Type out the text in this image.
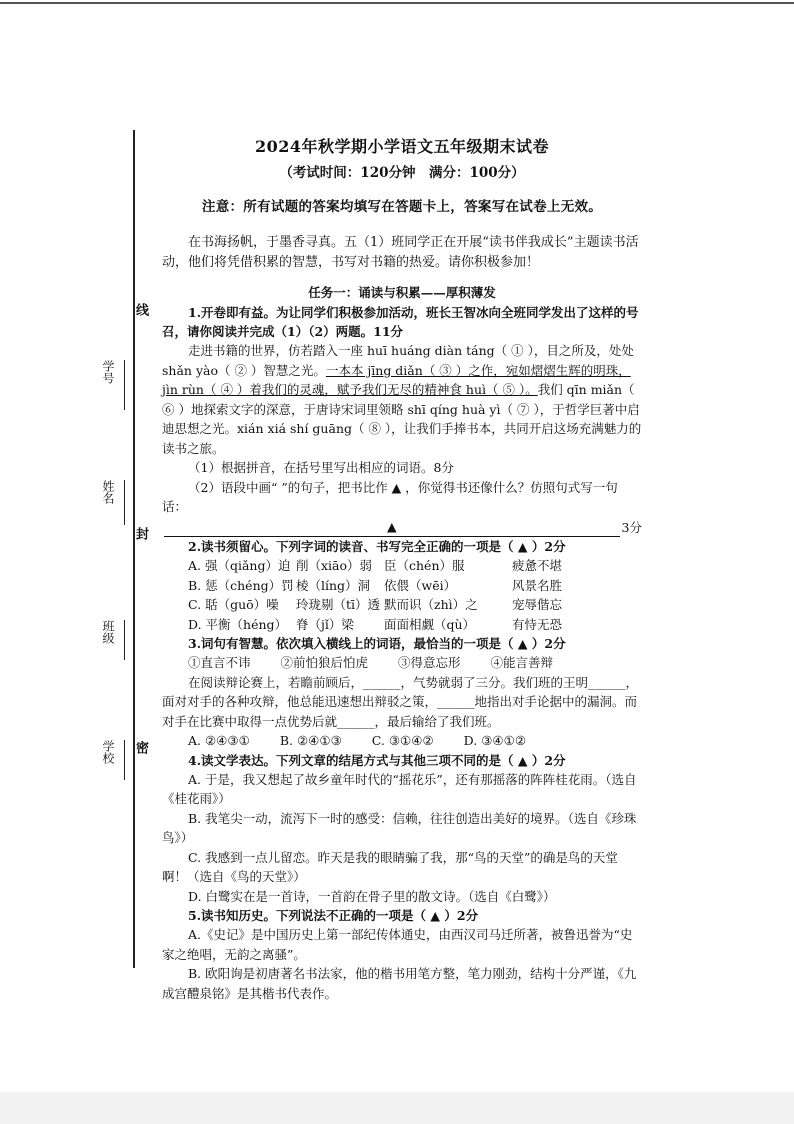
线
封
密
学号
姓名
班级
学校
2024年秋学期小学语文五年级期末试卷

（考试时间：120分钟　满分：100分）

注意：所有试题的答案均填写在答题卡上，答案写在试卷上无效。

在书海扬帆，于墨香寻真。五（1）班同学正在开展“读书伴我成长”主题读书活动，他们将凭借积累的智慧，书写对书籍的热爱。请你积极参加！

任务一：诵读与积累——厚积薄发

1.开卷即有益。为让同学们积极参加活动，班长王智冰向全班同学发出了这样的号召，请你阅读并完成（1）（2）两题。11分

走进书籍的世界，仿若踏入一座 huī huáng diàn táng（ ① ），目之所及，处处 shǎn yào（ ② ）智慧之光。一本本 jīng diǎn（ ③ ）之作，宛如熠熠生辉的明珠，jìn rùn（ ④ ）着我们的灵魂，赋予我们无尽的精神食 huì（ ⑤ ）。我们 qīn miǎn（ ⑥ ）地探索文字的深意，于唐诗宋词里领略 shī qíng huà yì（ ⑦ ），于哲学巨著中启迪思想之光。xián xiá shí guāng（ ⑧ ），让我们手捧书本，共同开启这场充满魅力的读书之旅。

（1）根据拼音，在括号里写出相应的词语。8分

（2）语段中画“ ”的句子，把书比作 ▲ ，你觉得书还像什么？仿照句式写一句话：

▲	3分

2.读书须留心。下列字词的读音、书写完全正确的一项是（ ▲ ）2分

A. 强（qiǎng）迫 削（xiāo）弱 臣（chén）服	疲惫不堪
B. 惩（chéng）罚 棱（líng）洞	依偎（wēi）	风景名胜
C. 聒（guō）噪	玲珑剔（tī）透 默而识（zhì）之	宠辱偕忘
D. 平衡（héng） 脊（jǐ）梁	面面相觑（qù）	有恃无恐

3.词句有智慧。依次填入横线上的词语，最恰当的一项是（ ▲ ）2分

①直言不讳 ②前怕狼后怕虎 ③得意忘形 ④能言善辩

在阅读辩论赛上，若瞻前顾后，______，气势就弱了三分。我们班的王明______，面对对手的各种攻辩，他总能迅速想出辩驳之策，______地指出对手论据中的漏洞。而对手在比赛中取得一点优势后就______，最后输给了我们班。

A. ②④③① B. ②④①③ C. ③①④② D. ③④①②

4.读文学表达。下列文章的结尾方式与其他三项不同的是（ ▲ ）2分

A. 于是，我又想起了故乡童年时代的“摇花乐”，还有那摇落的阵阵桂花雨。（选自《桂花雨》）

B. 我笔尖一动，流泻下一时的感受：信赖，往往创造出美好的境界。（选自《珍珠鸟》）

C. 我感到一点儿留恋。昨天是我的眼睛骗了我，那“鸟的天堂”的确是鸟的天堂啊！（选自《鸟的天堂》）

D. 白鹭实在是一首诗，一首韵在骨子里的散文诗。（选自《白鹭》）

5.读书知历史。下列说法不正确的一项是（ ▲ ）2分

A.《史记》是中国历史上第一部纪传体通史，由西汉司马迁所著，被鲁迅誉为“史家之绝唱，无韵之离骚”。

B. 欧阳询是初唐著名书法家，他的楷书用笔方整，笔力刚劲，结构十分严谨，《九成宫醴泉铭》是其楷书代表作。
